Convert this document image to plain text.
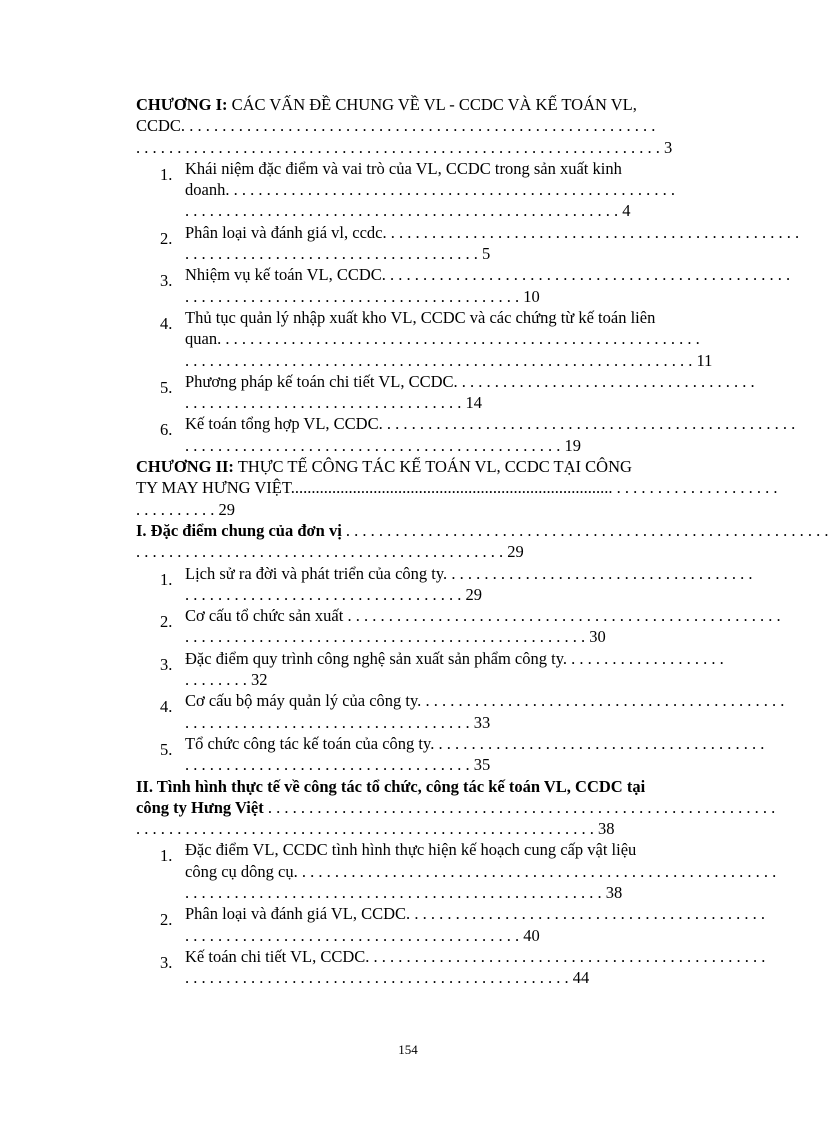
CHƯƠNG I: CÁC VẤN ĐỀ CHUNG VỀ VL - CCDC VÀ KẾ TOÁN VL,
CCDC. . . . . . . . . . . . . . . . . . . . . . . . . . . . . . . . . . . . . . . . . . . . . . . . . . . . . . . . . .
. . . . . . . . . . . . . . . . . . . . . . . . . . . . . . . . . . . . . . . . . . . . . . . . . . . . . . . . . . . . . . . . 3
1. Khái niệm đặc điểm và vai trò của VL, CCDC trong sản xuất kinh
doanh. . . . . . . . . . . . . . . . . . . . . . . . . . . . . . . . . . . . . . . . . . . . . . . . . . . . . . .
. . . . . . . . . . . . . . . . . . . . . . . . . . . . . . . . . . . . . . . . . . . . . . . . . . . . . 4
2. Phân loại và đánh giá vl, ccdc. . . . . . . . . . . . . . . . . . . . . . . . . . . . . . . . . . . . . . . . . . . . . . . . . . .
. . . . . . . . . . . . . . . . . . . . . . . . . . . . . . . . . . . . 5
3. Nhiệm vụ kế toán VL, CCDC. . . . . . . . . . . . . . . . . . . . . . . . . . . . . . . . . . . . . . . . . . . . . . . . . .
. . . . . . . . . . . . . . . . . . . . . . . . . . . . . . . . . . . . . . . . . 10
4. Thủ tục quản lý nhập xuất kho VL, CCDC và các chứng từ kế toán liên
quan. . . . . . . . . . . . . . . . . . . . . . . . . . . . . . . . . . . . . . . . . . . . . . . . . . . . . . . . . . .
. . . . . . . . . . . . . . . . . . . . . . . . . . . . . . . . . . . . . . . . . . . . . . . . . . . . . . . . . . . . . . 11
5. Phương pháp kế toán chi tiết VL, CCDC. . . . . . . . . . . . . . . . . . . . . . . . . . . . . . . . . . . . .
. . . . . . . . . . . . . . . . . . . . . . . . . . . . . . . . . . 14
6. Kế toán tổng hợp VL, CCDC. . . . . . . . . . . . . . . . . . . . . . . . . . . . . . . . . . . . . . . . . . . . . . . . . . .
. . . . . . . . . . . . . . . . . . . . . . . . . . . . . . . . . . . . . . . . . . . . . . 19
CHƯƠNG II: THỰC TẾ CÔNG TÁC KẾ TOÁN VL, CCDC TẠI CÔNG
TY MAY HƯNG VIỆT.............................................................................. . . . . . . . . . . . . . . . . . . . .
. . . . . . . . . . 29
I. Đặc điểm chung của đơn vị . . . . . . . . . . . . . . . . . . . . . . . . . . . . . . . . . . . . . . . . . . . . . . . . . . . . . . . . . . .
. . . . . . . . . . . . . . . . . . . . . . . . . . . . . . . . . . . . . . . . . . . . . 29
1. Lịch sử ra đời và phát triển của công ty. . . . . . . . . . . . . . . . . . . . . . . . . . . . . . . . . . . . . .
. . . . . . . . . . . . . . . . . . . . . . . . . . . . . . . . . . 29
2. Cơ cấu tổ chức sản xuất . . . . . . . . . . . . . . . . . . . . . . . . . . . . . . . . . . . . . . . . . . . . . . . . . . . . .
. . . . . . . . . . . . . . . . . . . . . . . . . . . . . . . . . . . . . . . . . . . . . . . . . 30
3. Đặc điểm quy trình công nghệ sản xuất sản phẩm công ty. . . . . . . . . . . . . . . . . . . .
. . . . . . . . 32
4. Cơ cấu bộ máy quản lý của công ty. . . . . . . . . . . . . . . . . . . . . . . . . . . . . . . . . . . . . . . . . . . . .
. . . . . . . . . . . . . . . . . . . . . . . . . . . . . . . . . . . 33
5. Tổ chức công tác kế toán của công ty. . . . . . . . . . . . . . . . . . . . . . . . . . . . . . . . . . . . . . . . .
. . . . . . . . . . . . . . . . . . . . . . . . . . . . . . . . . . . 35
II. Tình hình thực tế về công tác tổ chức, công tác kế toán VL, CCDC tại
công ty Hưng Việt . . . . . . . . . . . . . . . . . . . . . . . . . . . . . . . . . . . . . . . . . . . . . . . . . . . . . . . . . . . . . .
. . . . . . . . . . . . . . . . . . . . . . . . . . . . . . . . . . . . . . . . . . . . . . . . . . . . . . . . 38
1. Đặc điểm VL, CCDC tình hình thực hiện kế hoạch cung cấp vật liệu
công cụ dông cụ. . . . . . . . . . . . . . . . . . . . . . . . . . . . . . . . . . . . . . . . . . . . . . . . . . . . . . . . . . .
. . . . . . . . . . . . . . . . . . . . . . . . . . . . . . . . . . . . . . . . . . . . . . . . . . . 38
2. Phân loại và đánh giá VL, CCDC. . . . . . . . . . . . . . . . . . . . . . . . . . . . . . . . . . . . . . . . . . . .
. . . . . . . . . . . . . . . . . . . . . . . . . . . . . . . . . . . . . . . . . 40
3. Kế toán chi tiết VL, CCDC. . . . . . . . . . . . . . . . . . . . . . . . . . . . . . . . . . . . . . . . . . . . . . . . .
. . . . . . . . . . . . . . . . . . . . . . . . . . . . . . . . . . . . . . . . . . . . . . . 44
154
